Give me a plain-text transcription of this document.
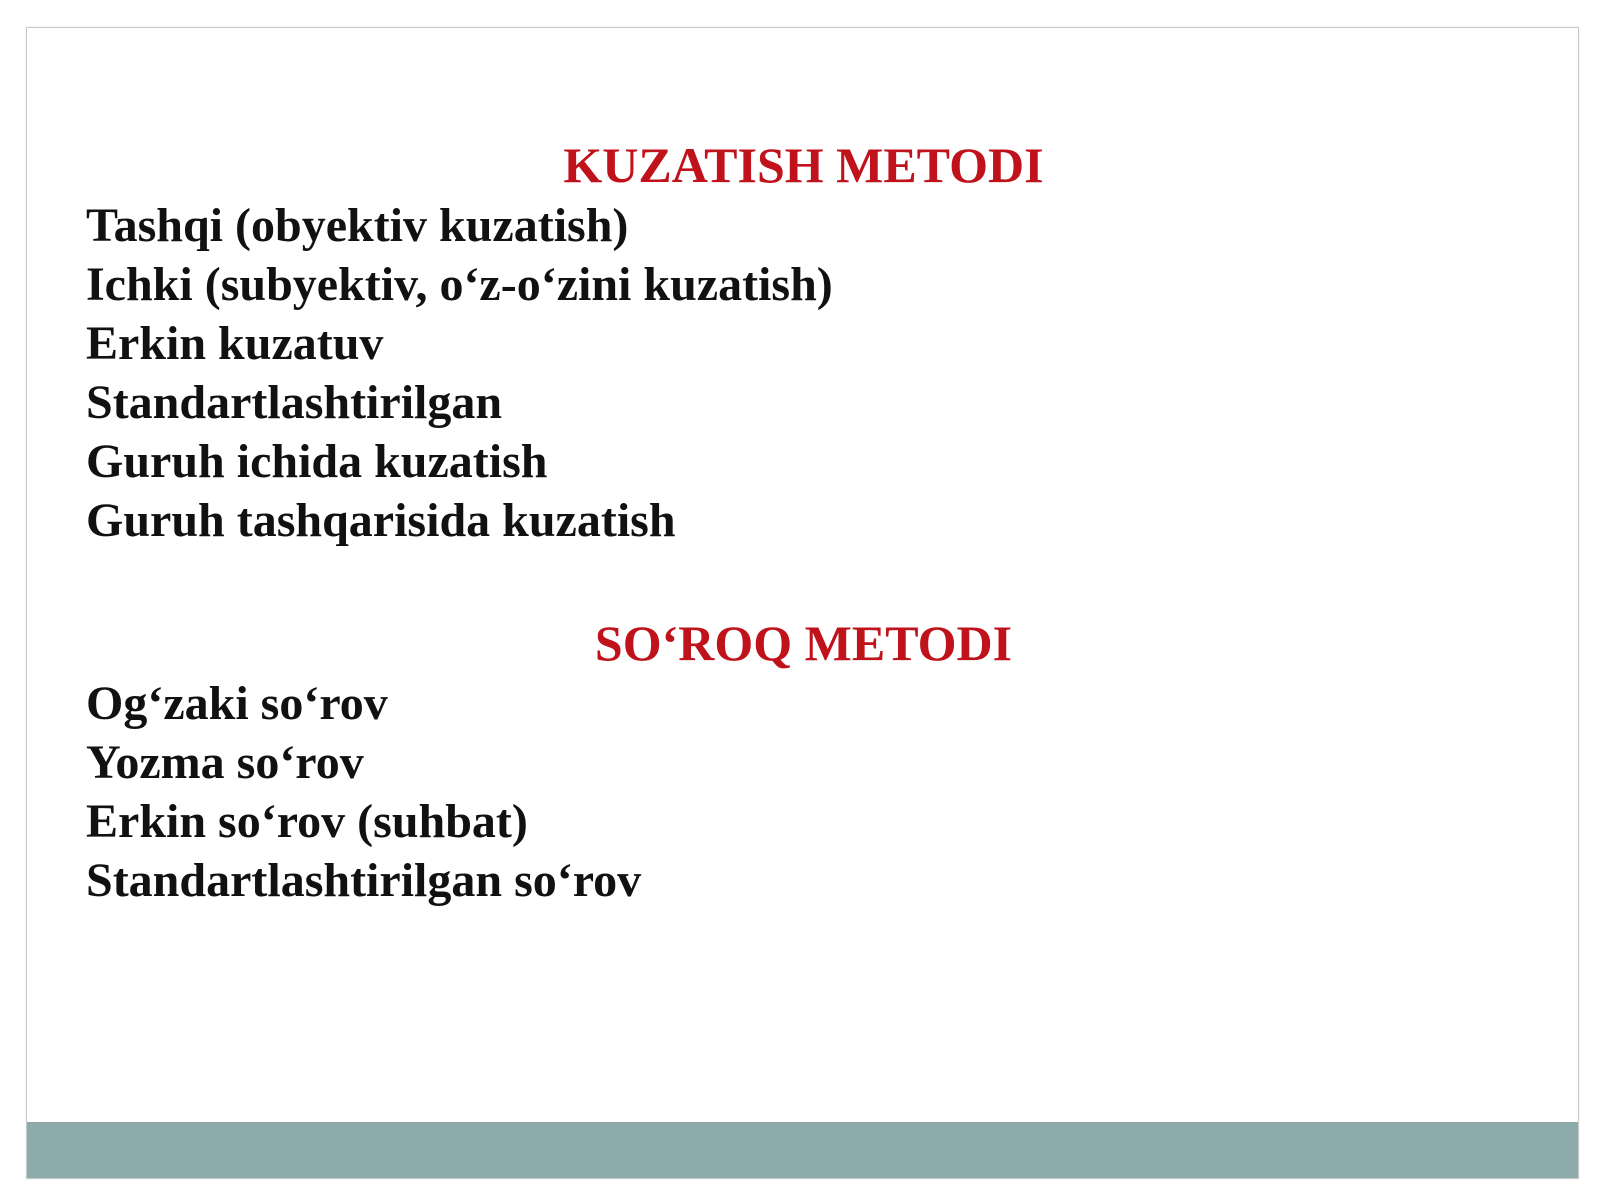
KUZATISH METODI
Tashqi (obyektiv kuzatish)
Ichki (subyektiv, o‘z-o‘zini kuzatish)
Erkin kuzatuv
Standartlashtirilgan
Guruh ichida kuzatish
Guruh tashqarisida kuzatish
SO‘ROQ METODI
Og‘zaki so‘rov
Yozma so‘rov
Erkin so‘rov (suhbat)
Standartlashtirilgan so‘rov
